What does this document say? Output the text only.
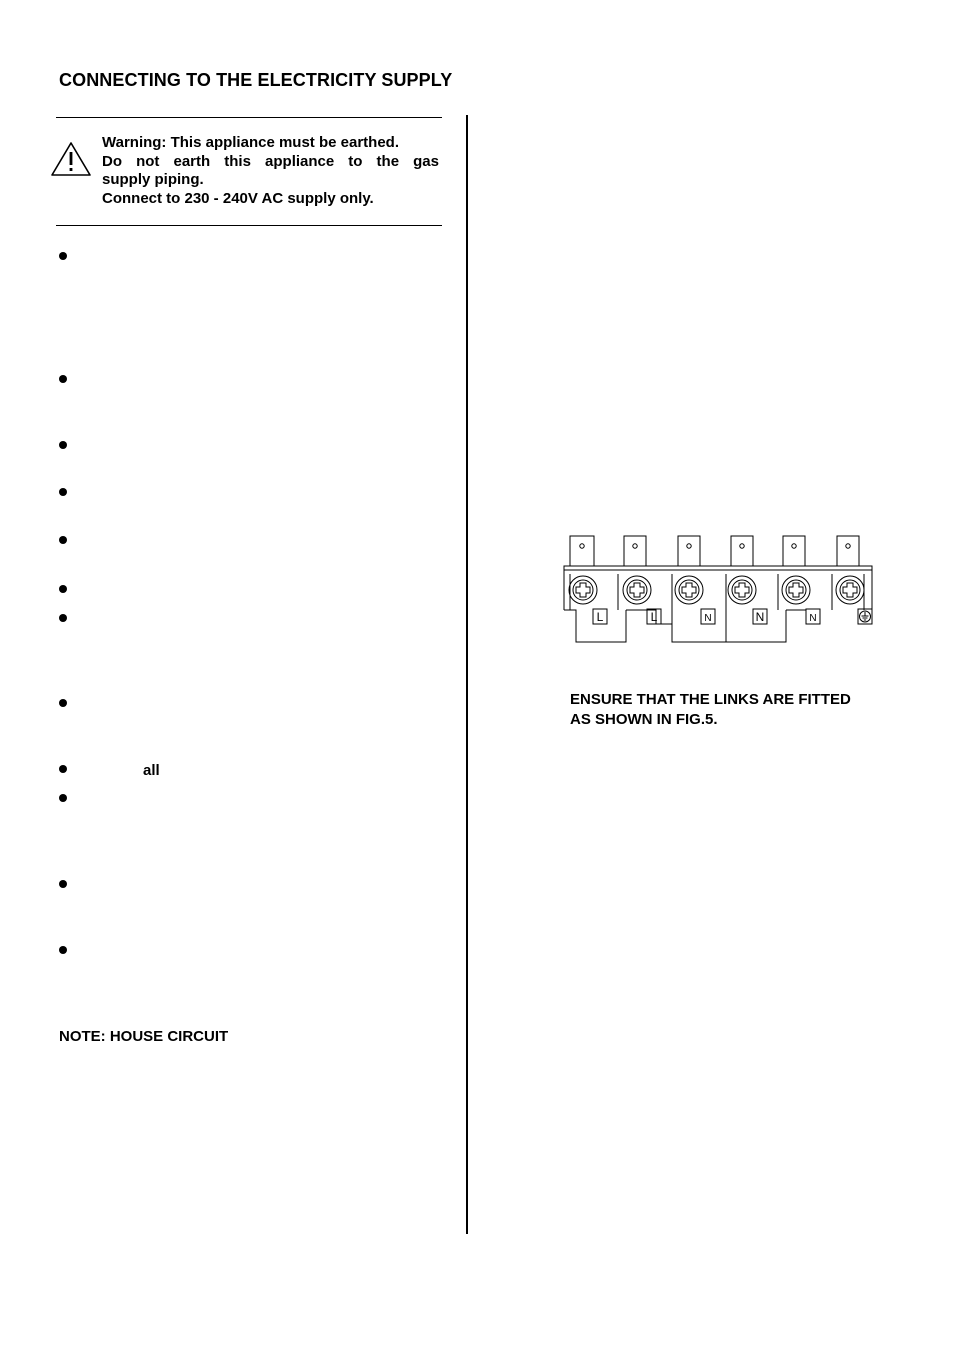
CONNECTING TO THE ELECTRICITY SUPPLY
Warning: This appliance must be earthed.
Do not earth this appliance to the gas
supply piping.
Connect to 230 - 240V AC supply only.
all
NOTE: HOUSE CIRCUIT
L	L	N	N	N
ENSURE THAT THE LINKS ARE FITTED
AS SHOWN IN FIG.5.
